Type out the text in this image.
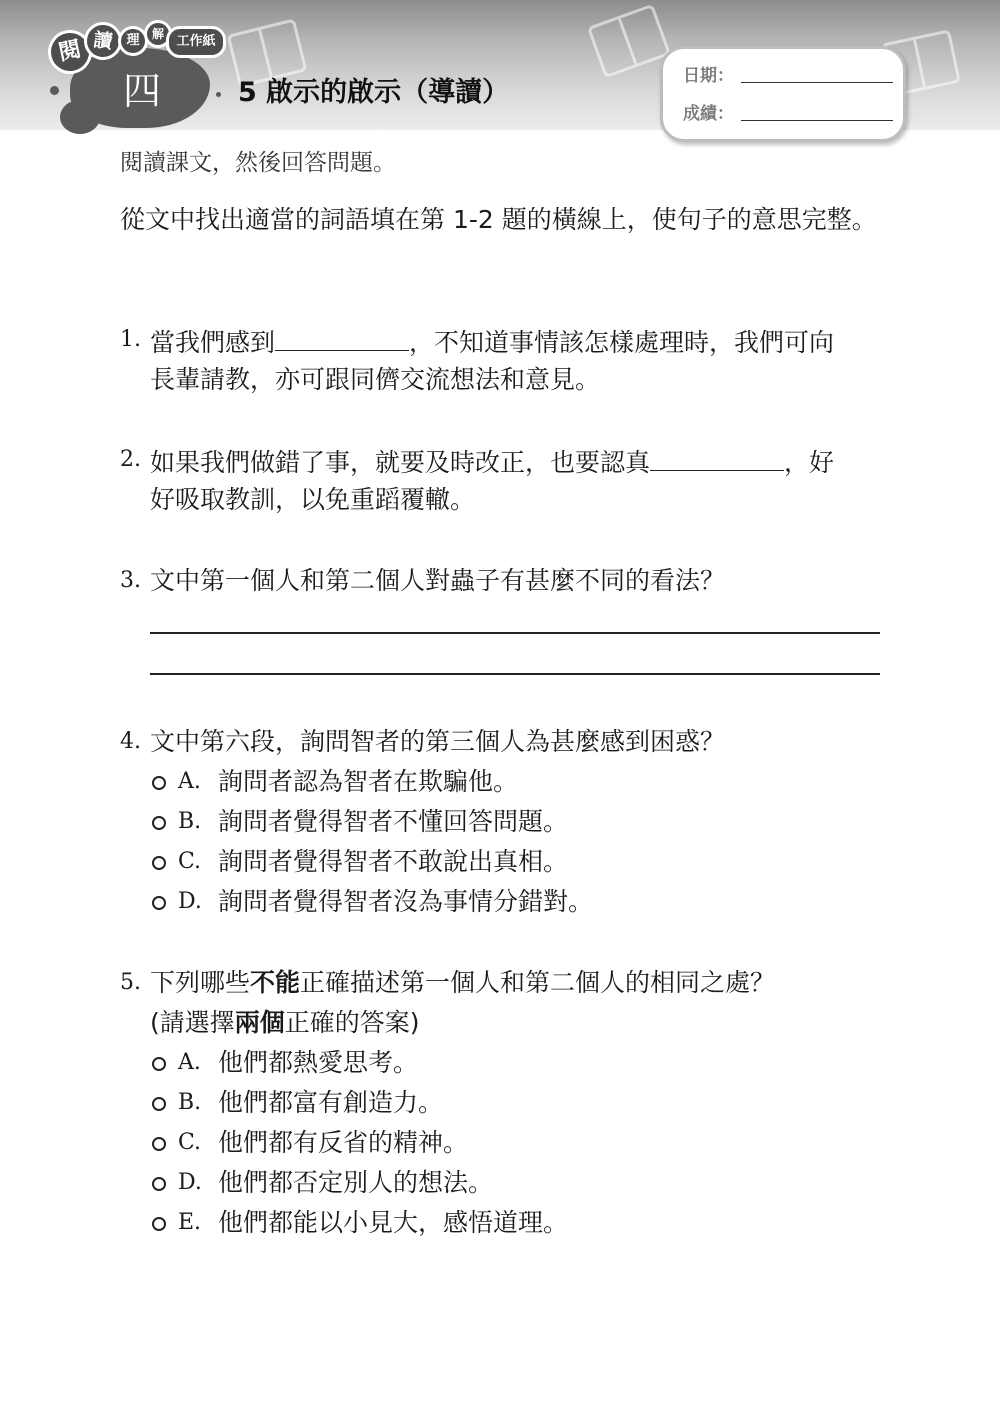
四
閱 讀 理	解 工作紙
5 啟示的啟示（導讀）
日期：
成績：
閱讀課文，然後回答問題。
從文中找出適當的詞語填在第 1-2 題的橫線上，使句子的意思完整。
1. 當我們感到	，不知道事情該怎樣處理時，我們可向
長輩請教，亦可跟同儕交流想法和意見。
2. 如果我們做錯了事，就要及時改正，也要認真	，好
好吸取教訓，以免重蹈覆轍。
3. 文中第一個人和第二個人對蟲子有甚麼不同的看法？
4. 文中第六段，詢問智者的第三個人為甚麼感到困惑？
A. 詢問者認為智者在欺騙他。
B. 詢問者覺得智者不懂回答問題。
C. 詢問者覺得智者不敢說出真相。
D. 詢問者覺得智者沒為事情分錯對。
5. 下列哪些不能正確描述第一個人和第二個人的相同之處？
(請選擇兩個正確的答案)
A. 他們都熱愛思考。
B. 他們都富有創造力。
C. 他們都有反省的精神。
D. 他們都否定別人的想法。
E. 他們都能以小見大，感悟道理。
